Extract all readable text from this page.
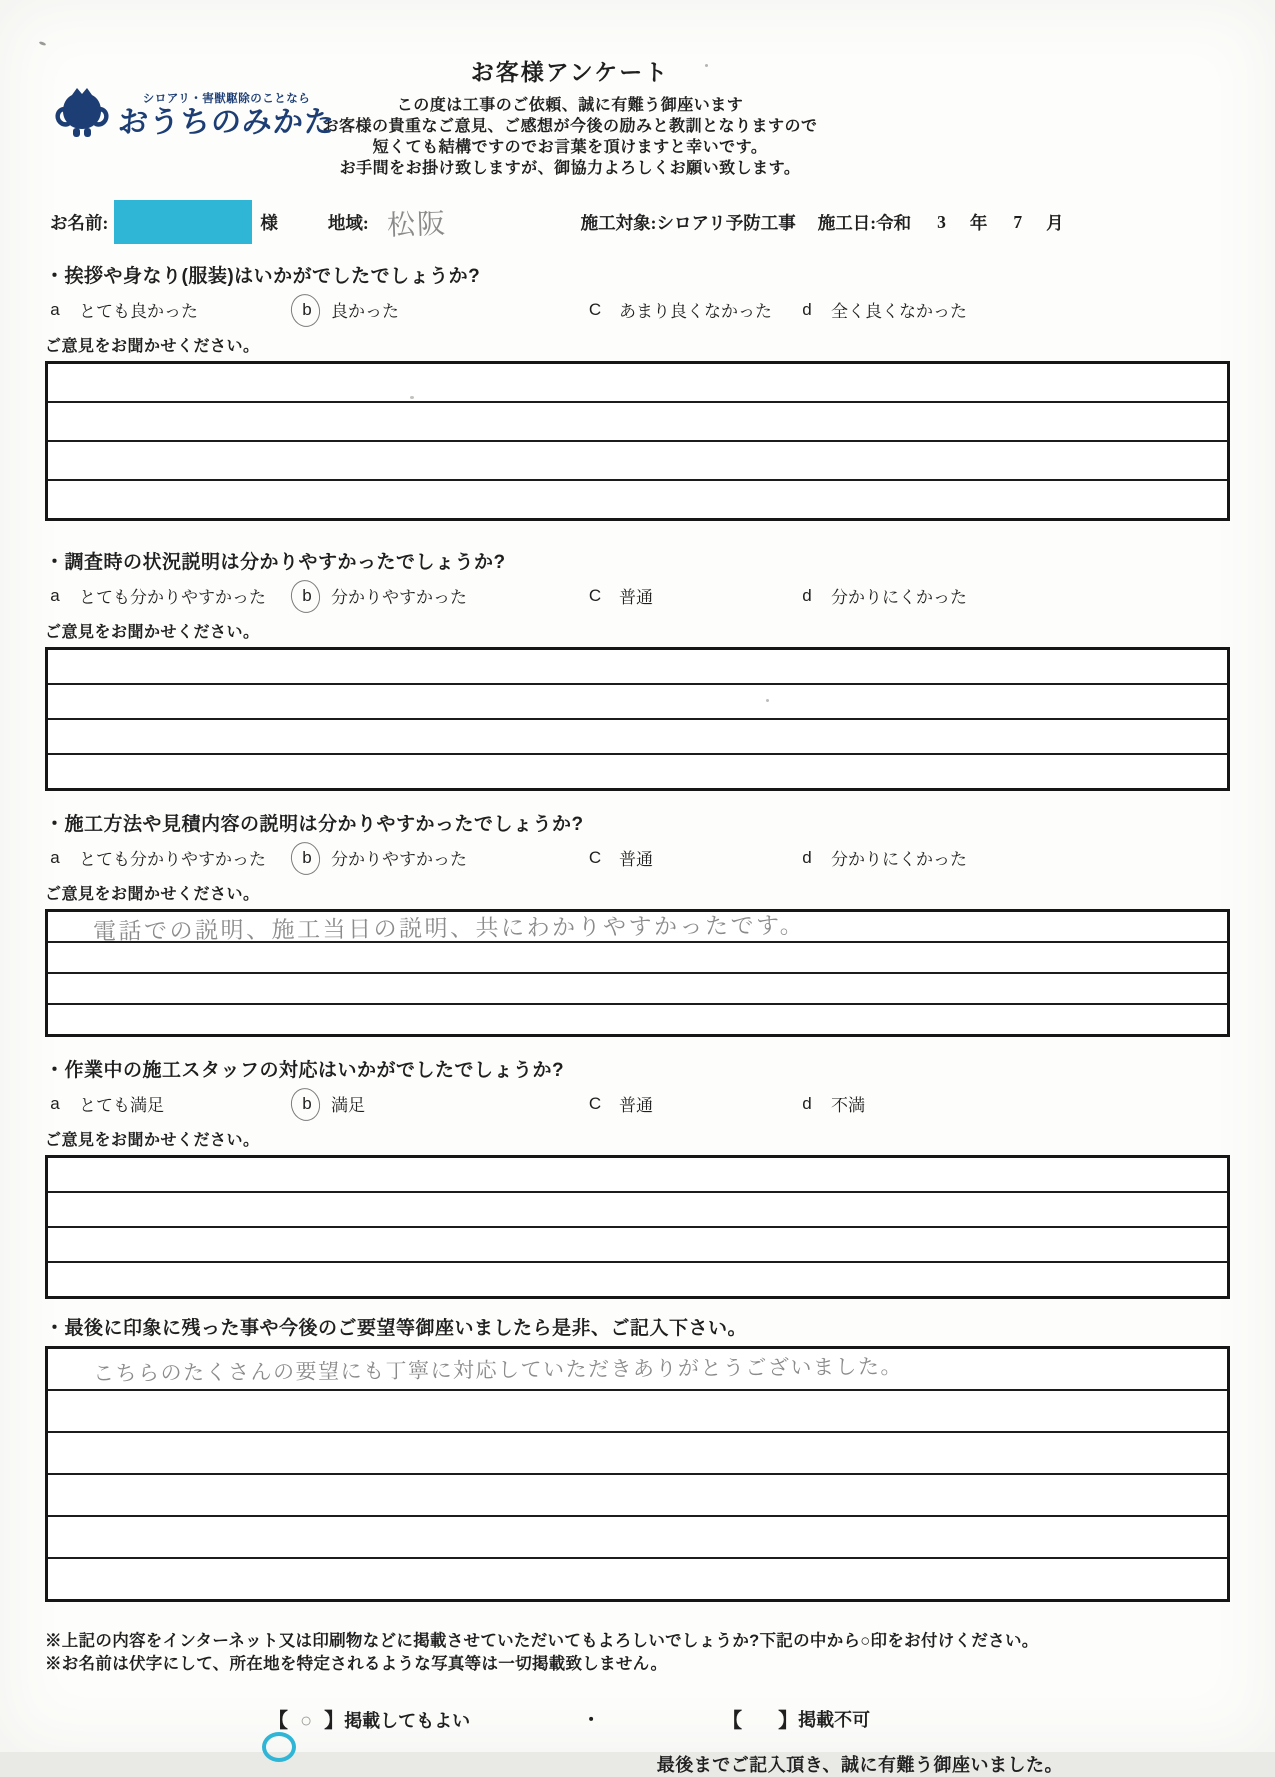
シロアリ・害獣駆除のことなら
おうちのみかた
お客様アンケート
この度は工事のご依頼、誠に有難う御座います
お客様の貴重なご意見、ご感想が今後の励みと教訓となりますので
短くても結構ですのでお言葉を頂けますと幸いです。
お手間をお掛け致しますが、御協力よろしくお願い致します。
お名前:	様	地域: 松阪	施工対象:シロアリ予防工事 施工日:令和 3 年 7 月
・挨拶や身なり(服装)はいかがでしたでしょうか?
a	とても良かった	b	良かった	C あまり良くなかった	d	全く良くなかった
ご意見をお聞かせください。
・調査時の状況説明は分かりやすかったでしょうか?
a	とても分かりやすかった	b	分かりやすかった	C 普通	d	分かりにくかった
ご意見をお聞かせください。
・施工方法や見積内容の説明は分かりやすかったでしょうか?
a	とても分かりやすかった	b	分かりやすかった	C 普通	d	分かりにくかった
ご意見をお聞かせください。
電話での説明、施工当日の説明、共にわかりやすかったです。
・作業中の施工スタッフの対応はいかがでしたでしょうか?
a	とても満足	b	満足	C 普通	d	不満
ご意見をお聞かせください。
・最後に印象に残った事や今後のご要望等御座いましたら是非、ご記入下さい。
こちらのたくさんの要望にも丁寧に対応していただきありがとうございました。
※上記の内容をインターネット又は印刷物などに掲載させていただいてもよろしいでしょうか?下記の中から○印をお付けください。
※お名前は伏字にして、所在地を特定されるような写真等は一切掲載致しません。
【 ○ 】掲載してもよい	・	【 】 掲載不可
最後までご記入頂き、誠に有難う御座いました。
